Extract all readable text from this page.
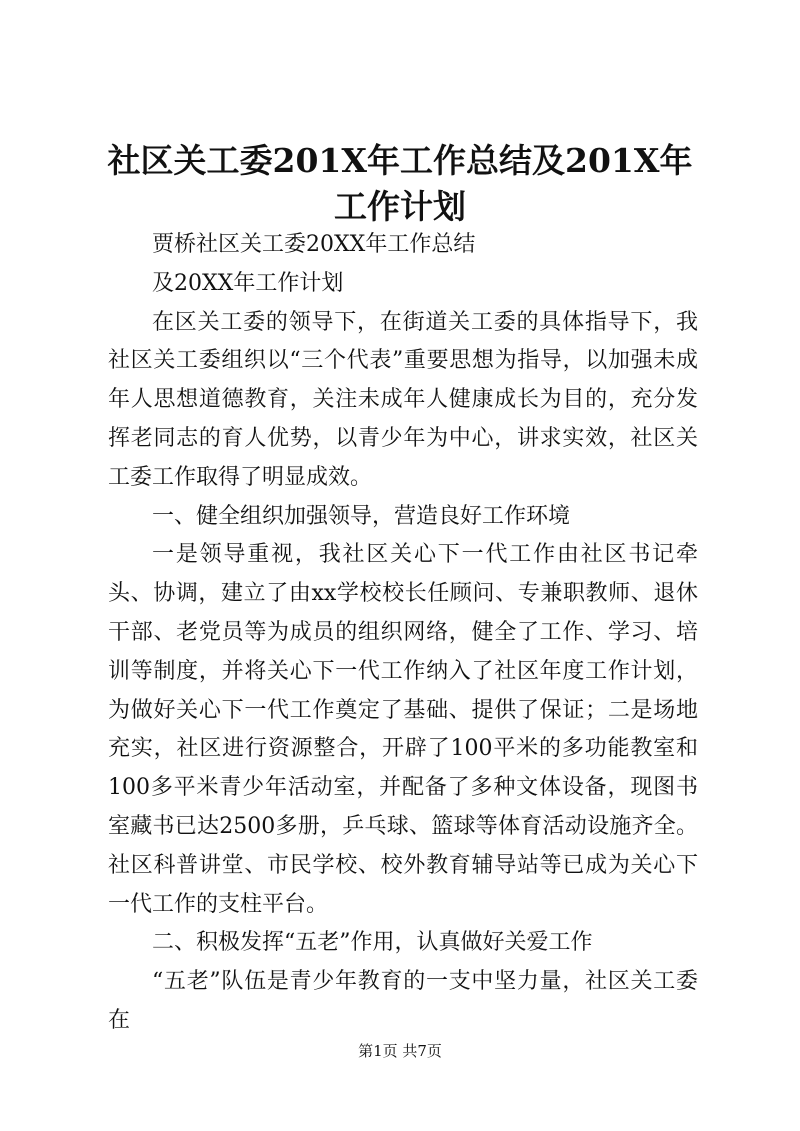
社区关工委201X年工作总结及201X年工作计划

贾桥社区关工委20XX年工作总结

及20XX年工作计划

在区关工委的领导下，在街道关工委的具体指导下，我社区关工委组织以“三个代表”重要思想为指导，以加强未成年人思想道德教育，关注未成年人健康成长为目的，充分发挥老同志的育人优势，以青少年为中心，讲求实效，社区关工委工作取得了明显成效。

一、健全组织加强领导，营造良好工作环境

一是领导重视，我社区关心下一代工作由社区书记牵头、协调，建立了由xx学校校长任顾问、专兼职教师、退休干部、老党员等为成员的组织网络，健全了工作、学习、培训等制度，并将关心下一代工作纳入了社区年度工作计划，为做好关心下一代工作奠定了基础、提供了保证；二是场地充实，社区进行资源整合，开辟了100平米的多功能教室和100多平米青少年活动室，并配备了多种文体设备，现图书室藏书已达2500多册，乒乓球、篮球等体育活动设施齐全。社区科普讲堂、市民学校、校外教育辅导站等已成为关心下一代工作的支柱平台。

二、积极发挥“五老”作用，认真做好关爱工作

“五老”队伍是青少年教育的一支中坚力量，社区关工委在

第1页 共7页
